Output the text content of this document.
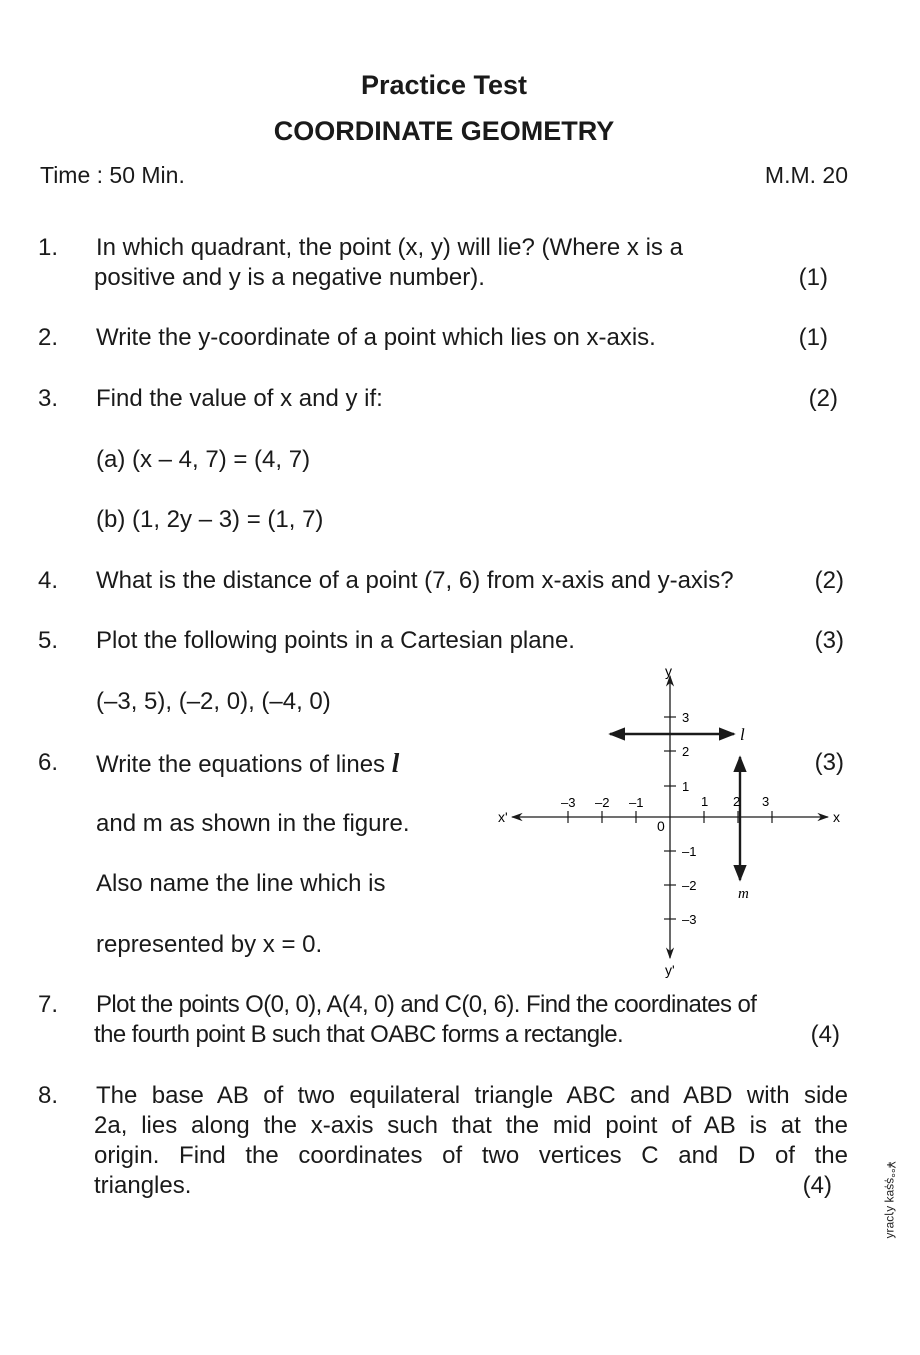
Practice Test
COORDINATE GEOMETRY
Time : 50 Min.	M.M. 20
1. In which quadrant, the point (x, y) will lie? (Where x is a
positive and y is a negative number).	(1)
2. Write the y-coordinate of a point which lies on x-axis.	(1)
3. Find the value of x and y if:	(2)
(a) (x – 4, 7) = (4, 7)
(b) (1, 2y – 3) = (1, 7)
4. What is the distance of a point (7, 6) from x-axis and y-axis?	(2)
5. Plot the following points in a Cartesian plane.	(3)
(–3, 5), (–2, 0), (–4, 0)
6. Write the equations of lines l	(3)
and m as shown in the figure.
Also name the line which is
represented by x = 0.
x
x'
y
y'
0
–3 –2 –1	1 2 3
3
2
1
–1
–2
–3
l
m
7. Plot the points O(0, 0), A(4, 0) and C(0, 6). Find the coordinates of
the fourth point B such that OABC forms a rectangle.	(4)
8. The base AB of two equilateral triangle ABC and ABD with side
2a, lies along the x-axis such that the mid point of AB is at the
origin. Find the coordinates of two vertices C and D of the
triangles.	(4)	¥°°șșɐʞ ʎɿɔɐɹʎ
